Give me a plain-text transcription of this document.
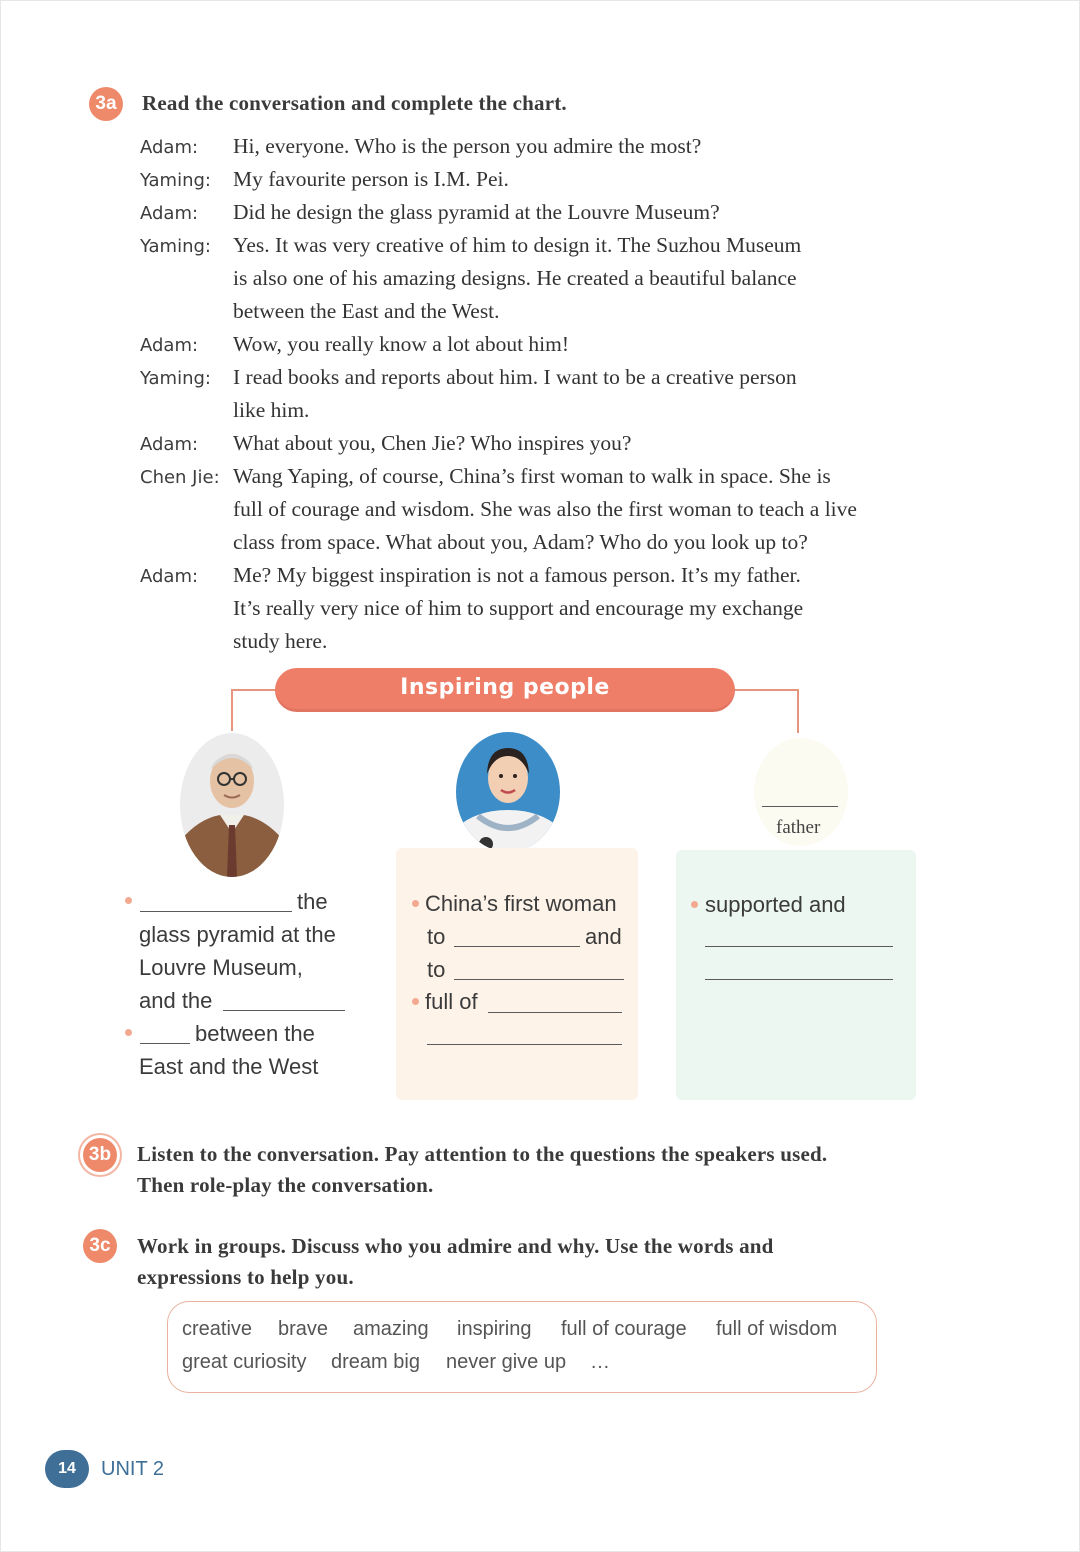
3a	Read the conversation and complete the chart.
Adam: Hi, everyone. Who is the person you admire the most?
Yaming: My favourite person is I.M. Pei.
Adam: Did he design the glass pyramid at the Louvre Museum?
Yaming: Yes. It was very creative of him to design it. The Suzhou Museum
is also one of his amazing designs. He created a beautiful balance
between the East and the West.
Adam: Wow, you really know a lot about him!
Yaming: I read books and reports about him. I want to be a creative person
like him.
Adam: What about you, Chen Jie? Who inspires you?
Chen Jie: Wang Yaping, of course, China’s first woman to walk in space. She is
full of courage and wisdom. She was also the first woman to teach a live
class from space. What about you, Adam? Who do you look up to?
Adam: Me? My biggest inspiration is not a famous person. It’s my father.
It’s really very nice of him to support and encourage my exchange
study here.
Inspiring people
father
the
glass pyramid at the
Louvre Museum,
and the
between the
East and the West
China’s first woman
to	and
to
full of
supported and
3b Listen to the conversation. Pay attention to the questions the speakers used.
Then role-play the conversation.
3c	Work in groups. Discuss who you admire and why. Use the words and
expressions to help you.
creative brave amazing inspiring full of courage full of wisdom
great curiosity dream big never give up …
14	UNIT 2
